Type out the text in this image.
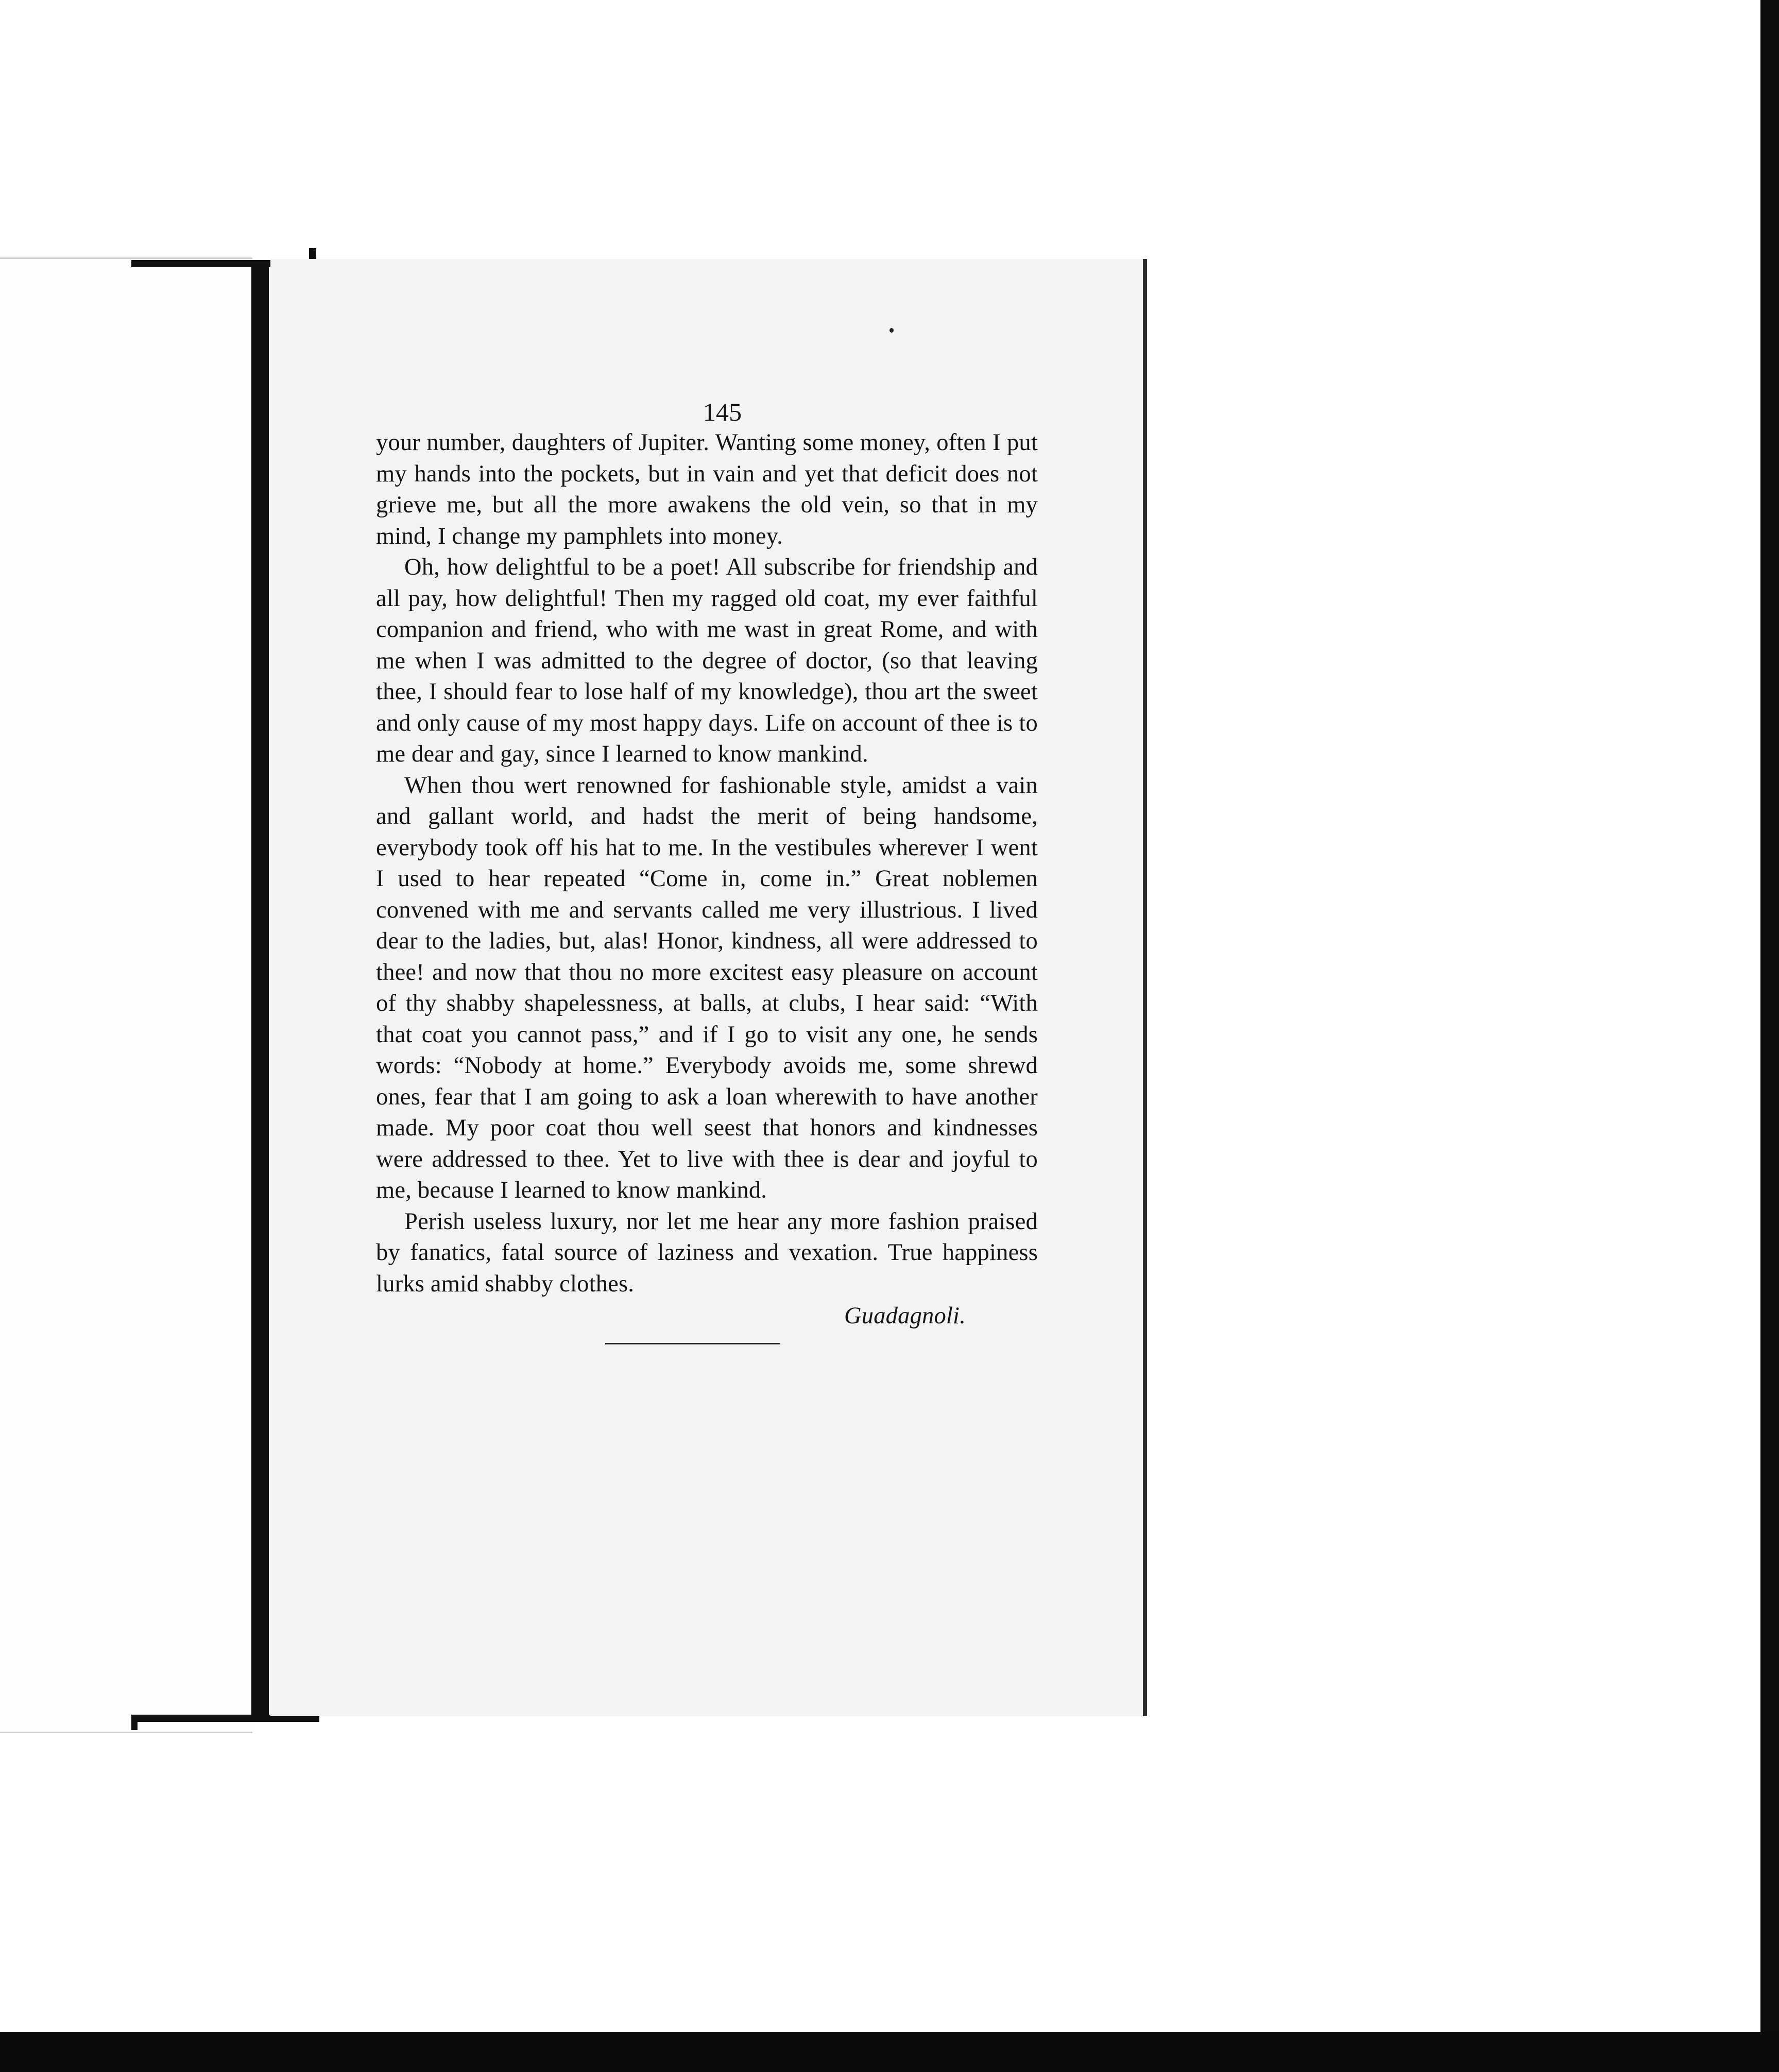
145

your number, daughters of Jupiter. Wanting some money, often I put my hands into the pockets, but in vain and yet that deficit does not grieve me, but all the more awakens the old vein, so that in my mind, I change my pamphlets into money.

Oh, how delightful to be a poet! All subscribe for friendship and all pay, how delightful! Then my ragged old coat, my ever faithful companion and friend, who with me wast in great Rome, and with me when I was admitted to the degree of doctor, (so that leaving thee, I should fear to lose half of my knowledge), thou art the sweet and only cause of my most happy days. Life on account of thee is to me dear and gay, since I learned to know mankind.

When thou wert renowned for fashionable style, amidst a vain and gallant world, and hadst the merit of being handsome, everybody took off his hat to me. In the vestibules wherever I went I used to hear repeated “Come in, come in.” Great noblemen convened with me and servants called me very illustrious. I lived dear to the ladies, but, alas! Honor, kindness, all were addressed to thee! and now that thou no more excitest easy pleasure on account of thy shabby shapelessness, at balls, at clubs, I hear said: “With that coat you cannot pass,” and if I go to visit any one, he sends words: “Nobody at home.” Everybody avoids me, some shrewd ones, fear that I am going to ask a loan wherewith to have another made. My poor coat thou well seest that honors and kindnesses were addressed to thee. Yet to live with thee is dear and joyful to me, because I learned to know mankind.

Perish useless luxury, nor let me hear any more fashion praised by fanatics, fatal source of laziness and vexation. True happiness lurks amid shabby clothes.

Guadagnoli.
